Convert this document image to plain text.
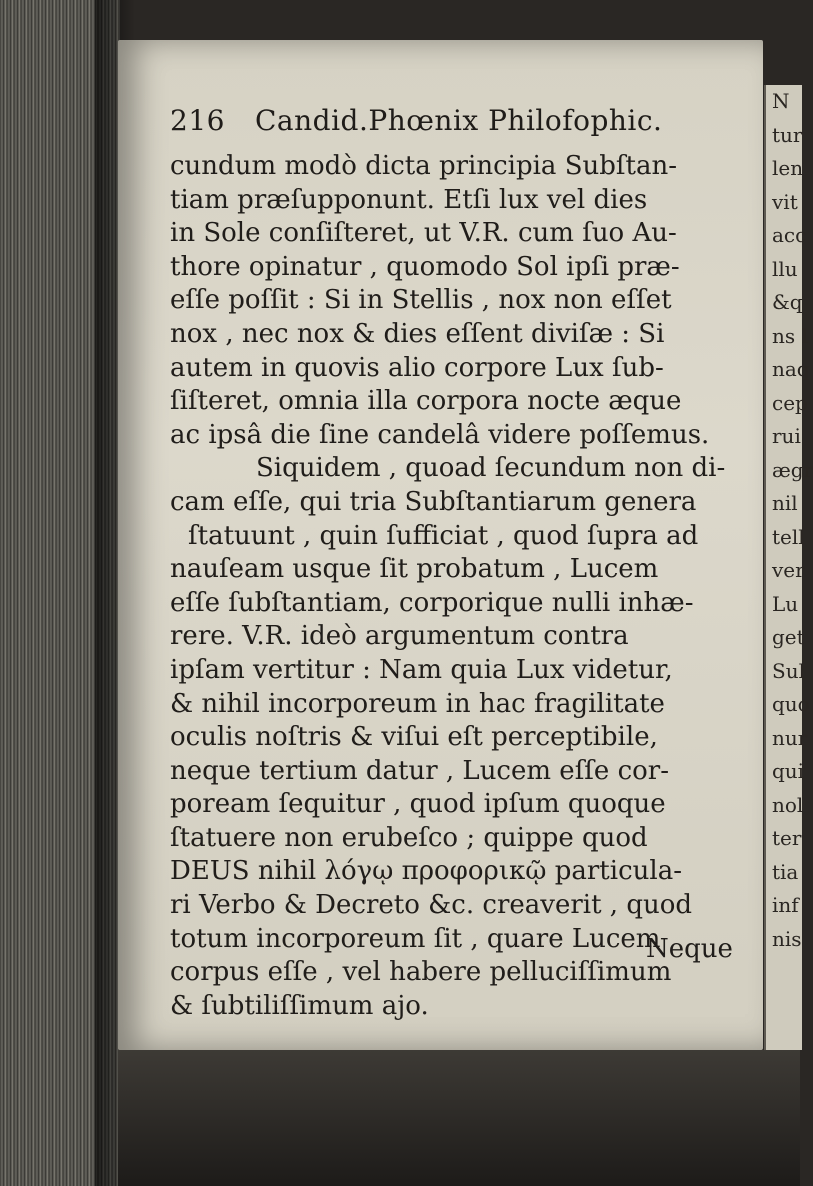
216 Candid.Phœnix Philofophic.
cundum modò dicta principia Subſtan-
tiam præſupponunt. Etſi lux vel dies
in Sole conſiſteret, ut V.R. cum ſuo Au-
thore opinatur , quomodo Sol ipſi præ-
eſſe poſſit : Si in Stellis , nox non eſſet
nox , nec nox & dies eſſent diviſæ : Si
autem in quovis alio corpore Lux ſub-
ſiſteret, omnia illa corpora nocte æque
ac ipsâ die ſine candelâ videre poſſemus.
Siquidem , quoad ſecundum non di-
cam eſſe, qui tria Subſtantiarum genera
ſtatuunt , quin ſufficiat , quod ſupra ad
nauſeam usque ſit probatum , Lucem
eſſe ſubſtantiam, corporique nulli inhæ-
rere. V.R. ideò argumentum contra
ipſam vertitur : Nam quia Lux videtur,
& nihil incorporeum in hac fragilitate
oculis noſtris & viſui eſt perceptibile,
neque tertium datur , Lucem eſſe cor-
poream ſequitur , quod ipſum quoque
ſtatuere non erubeſco ; quippe quod
DEUS nihil λόγῳ προφορικῷ particula-
ri Verbo & Decreto &c. creaverit , quod
totum incorporeum ſit , quare Lucem
corpus eſſe , vel habere pelluciſſimum
& ſubtiliſſimum ajo.
Neque
N
tur
len
vit
acc
llu
&q
ns l
naq
cep
rui
ægr
nil
tell
ver
Lu
get
Sul
quo
nur
qui
nol
ter
tia
inf
nis
